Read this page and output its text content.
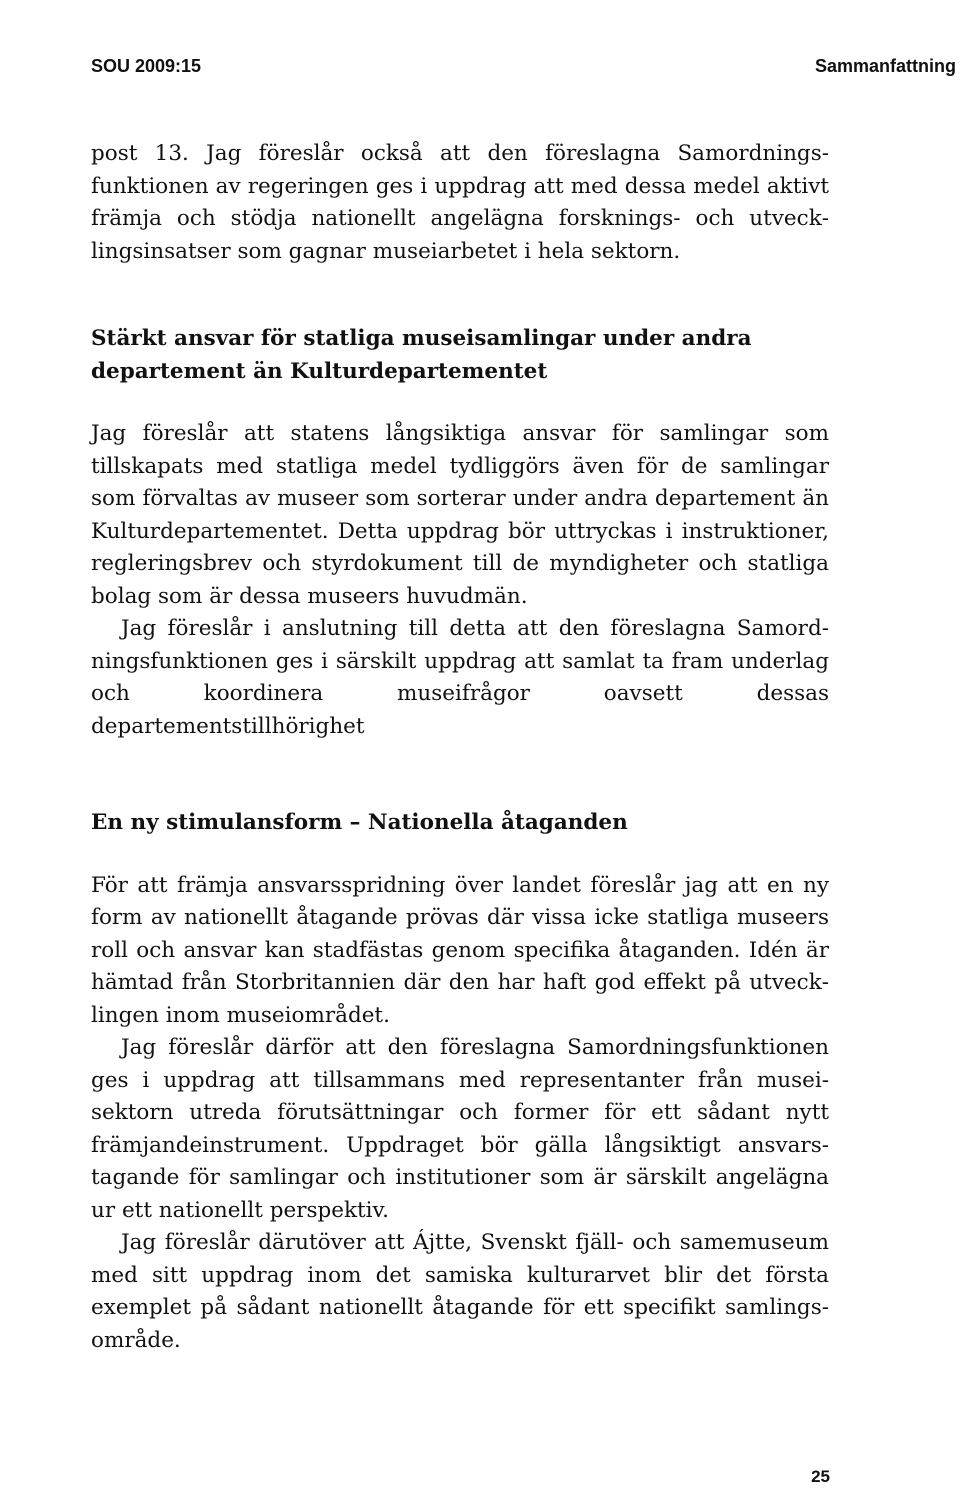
SOU 2009:15	Sammanfattning

post 13. Jag föreslår också att den föreslagna Samordningsfunktionen av regeringen ges i uppdrag att med dessa medel aktivt främja och stödja nationellt angelägna forsknings- och utvecklingsinsatser som gagnar museiarbetet i hela sektorn.

Stärkt ansvar för statliga museisamlingar under andra departement än Kulturdepartementet

Jag föreslår att statens långsiktiga ansvar för samlingar som tillskapats med statliga medel tydliggörs även för de samlingar som förvaltas av museer som sorterar under andra departement än Kulturdepartementet. Detta uppdrag bör uttryckas i instruktioner, regleringsbrev och styrdokument till de myndigheter och statliga bolag som är dessa museers huvudmän.

Jag föreslår i anslutning till detta att den föreslagna Samordningsfunktionen ges i särskilt uppdrag att samlat ta fram underlag och koordinera museifrågor oavsett dessas departementstillhörighet

En ny stimulansform – Nationella åtaganden

För att främja ansvarsspridning över landet föreslår jag att en ny form av nationellt åtagande prövas där vissa icke statliga museers roll och ansvar kan stadfästas genom specifika åtaganden. Idén är hämtad från Storbritannien där den har haft god effekt på utvecklingen inom museiområdet.

Jag föreslår därför att den föreslagna Samordningsfunktionen ges i uppdrag att tillsammans med representanter från museisektorn utreda förutsättningar och former för ett sådant nytt främjandeinstrument. Uppdraget bör gälla långsiktigt ansvarstagande för samlingar och institutioner som är särskilt angelägna ur ett nationellt perspektiv.

Jag föreslår därutöver att Ájtte, Svenskt fjäll- och samemuseum med sitt uppdrag inom det samiska kulturarvet blir det första exemplet på sådant nationellt åtagande för ett specifikt samlingsområde.

25
